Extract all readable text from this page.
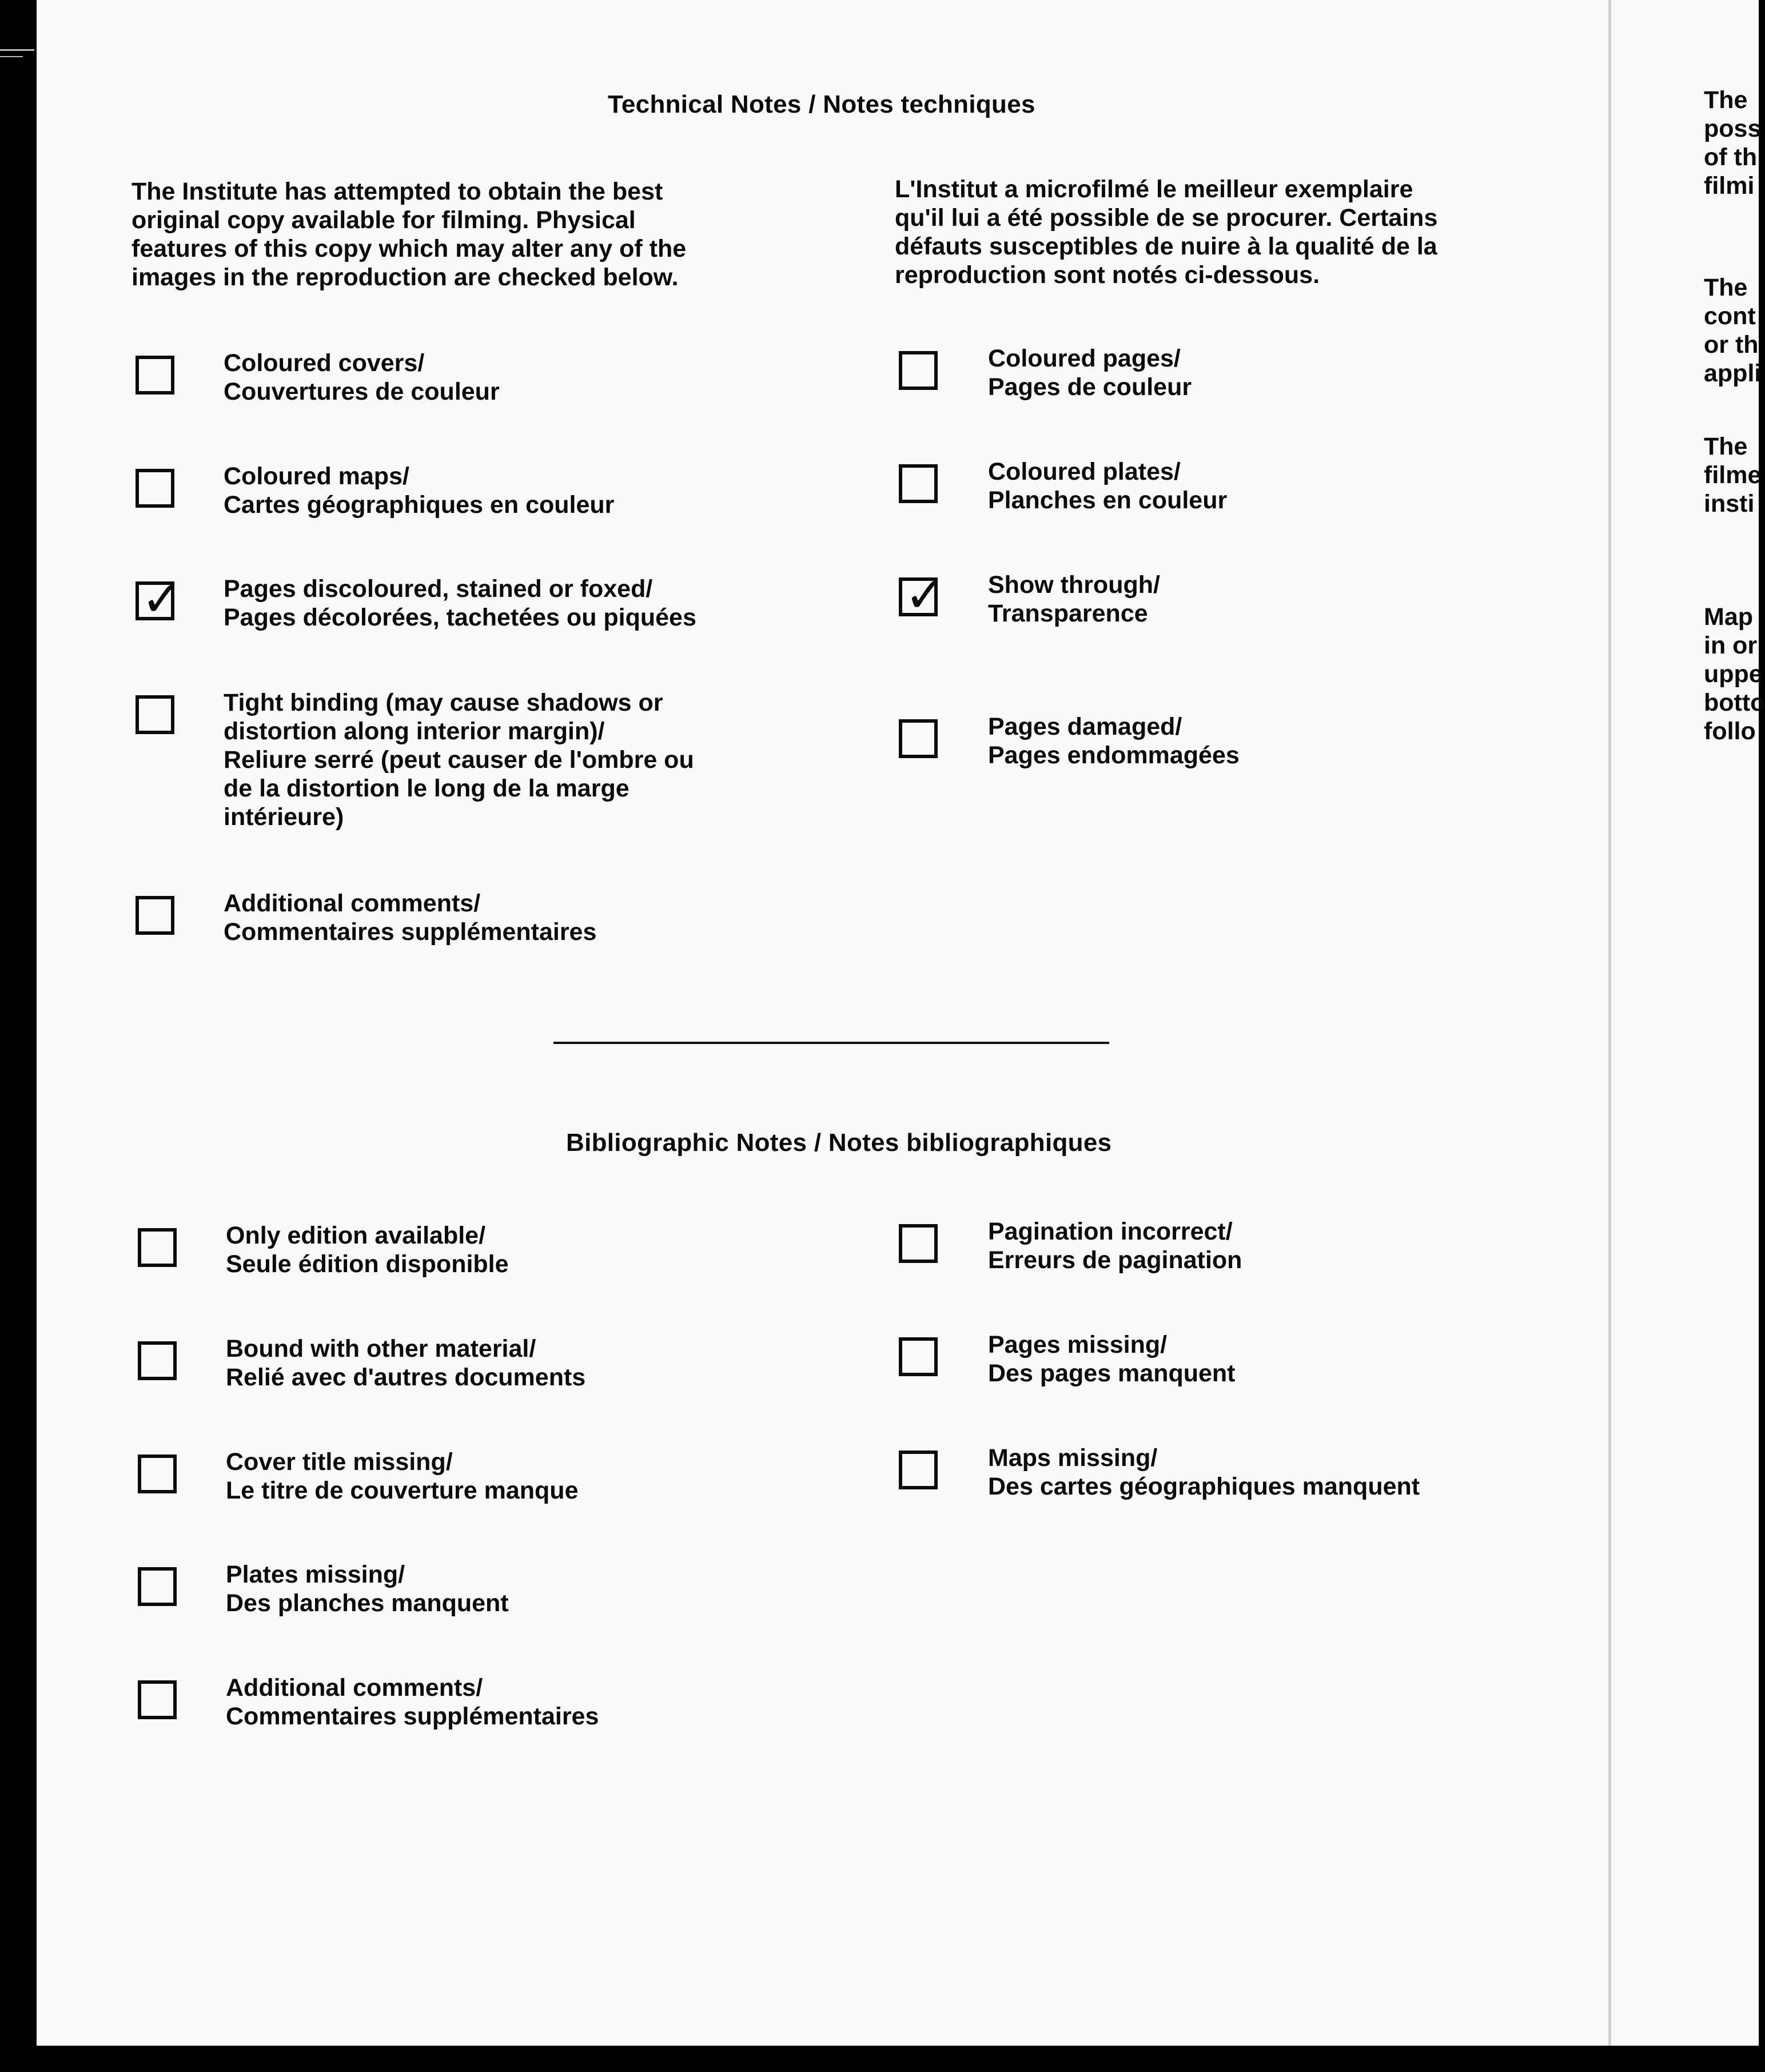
Technical Notes / Notes techniques
The Institute has attempted to obtain the best
original copy available for filming. Physical
features of this copy which may alter any of the
images in the reproduction are checked below.
L'Institut a microfilmé le meilleur exemplaire
qu'il lui a été possible de se procurer. Certains
défauts susceptibles de nuire à la qualité de la
reproduction sont notés ci-dessous.
Coloured covers/
Couvertures de couleur
Coloured maps/
Cartes géographiques en couleur
✓ Pages discoloured, stained or foxed/
Pages décolorées, tachetées ou piquées
Tight binding (may cause shadows or
distortion along interior margin)/
Reliure serré (peut causer de l'ombre ou
de la distortion le long de la marge
intérieure)
Additional comments/
Commentaires supplémentaires
Coloured pages/
Pages de couleur
Coloured plates/
Planches en couleur
✓ Show through/
Transparence
Pages damaged/
Pages endommagées
Bibliographic Notes / Notes bibliographiques
Only edition available/
Seule édition disponible
Bound with other material/
Relié avec d'autres documents
Cover title missing/
Le titre de couverture manque
Plates missing/
Des planches manquent
Additional comments/
Commentaires supplémentaires
Pagination incorrect/
Erreurs de pagination
Pages missing/
Des pages manquent
Maps missing/
Des cartes géographiques manquent
The
poss
of th
filmi
The
cont
or th
appli
The
filme
insti
Map
in or
uppe
botto
follo
